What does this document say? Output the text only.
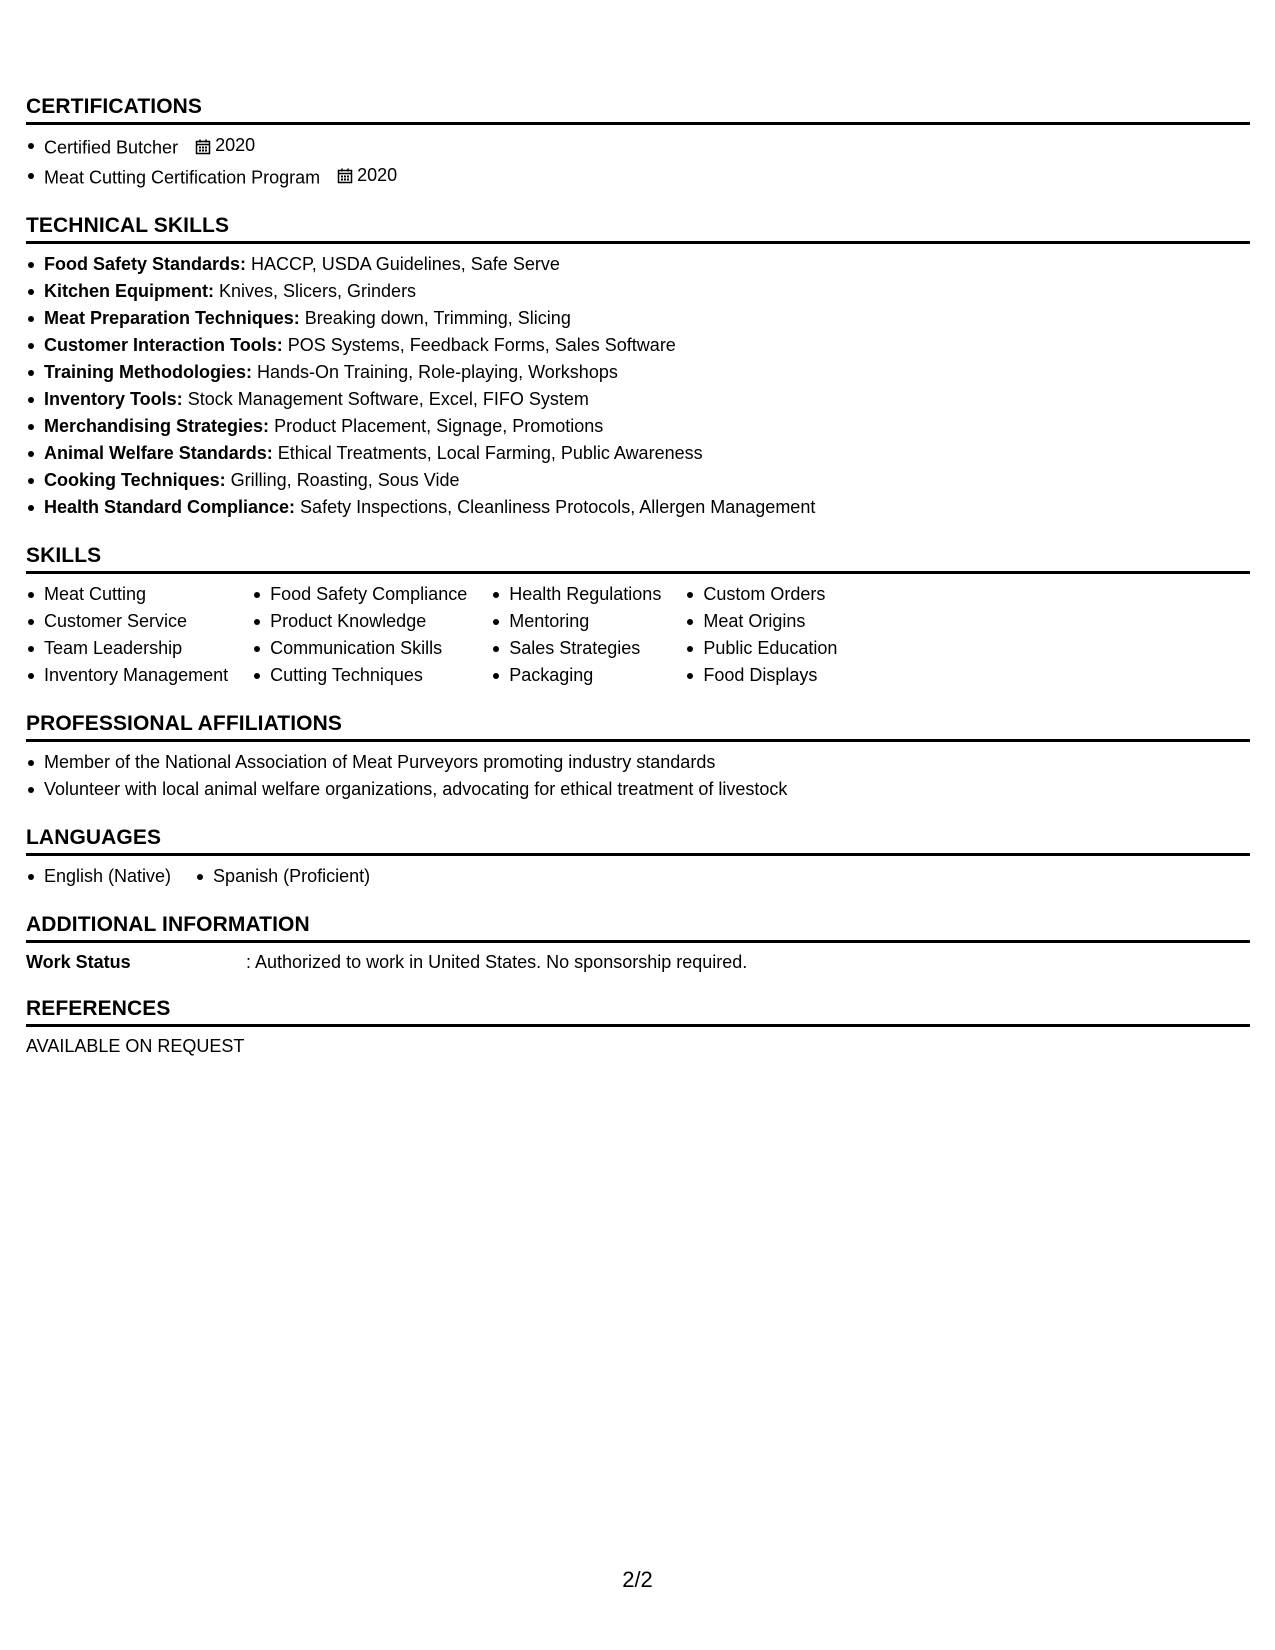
CERTIFICATIONS
Certified Butcher 2020
Meat Cutting Certification Program 2020
TECHNICAL SKILLS
Food Safety Standards: HACCP, USDA Guidelines, Safe Serve
Kitchen Equipment: Knives, Slicers, Grinders
Meat Preparation Techniques: Breaking down, Trimming, Slicing
Customer Interaction Tools: POS Systems, Feedback Forms, Sales Software
Training Methodologies: Hands-On Training, Role-playing, Workshops
Inventory Tools: Stock Management Software, Excel, FIFO System
Merchandising Strategies: Product Placement, Signage, Promotions
Animal Welfare Standards: Ethical Treatments, Local Farming, Public Awareness
Cooking Techniques: Grilling, Roasting, Sous Vide
Health Standard Compliance: Safety Inspections, Cleanliness Protocols, Allergen Management
SKILLS
Meat Cutting
Customer Service
Team Leadership
Inventory Management
Food Safety Compliance
Product Knowledge
Communication Skills
Cutting Techniques
Health Regulations
Mentoring
Sales Strategies
Packaging
Custom Orders
Meat Origins
Public Education
Food Displays
PROFESSIONAL AFFILIATIONS
Member of the National Association of Meat Purveyors promoting industry standards
Volunteer with local animal welfare organizations, advocating for ethical treatment of livestock
LANGUAGES
English (Native)	Spanish (Proficient)
ADDITIONAL INFORMATION
Work Status	: Authorized to work in United States. No sponsorship required.
REFERENCES
AVAILABLE ON REQUEST
2/2
